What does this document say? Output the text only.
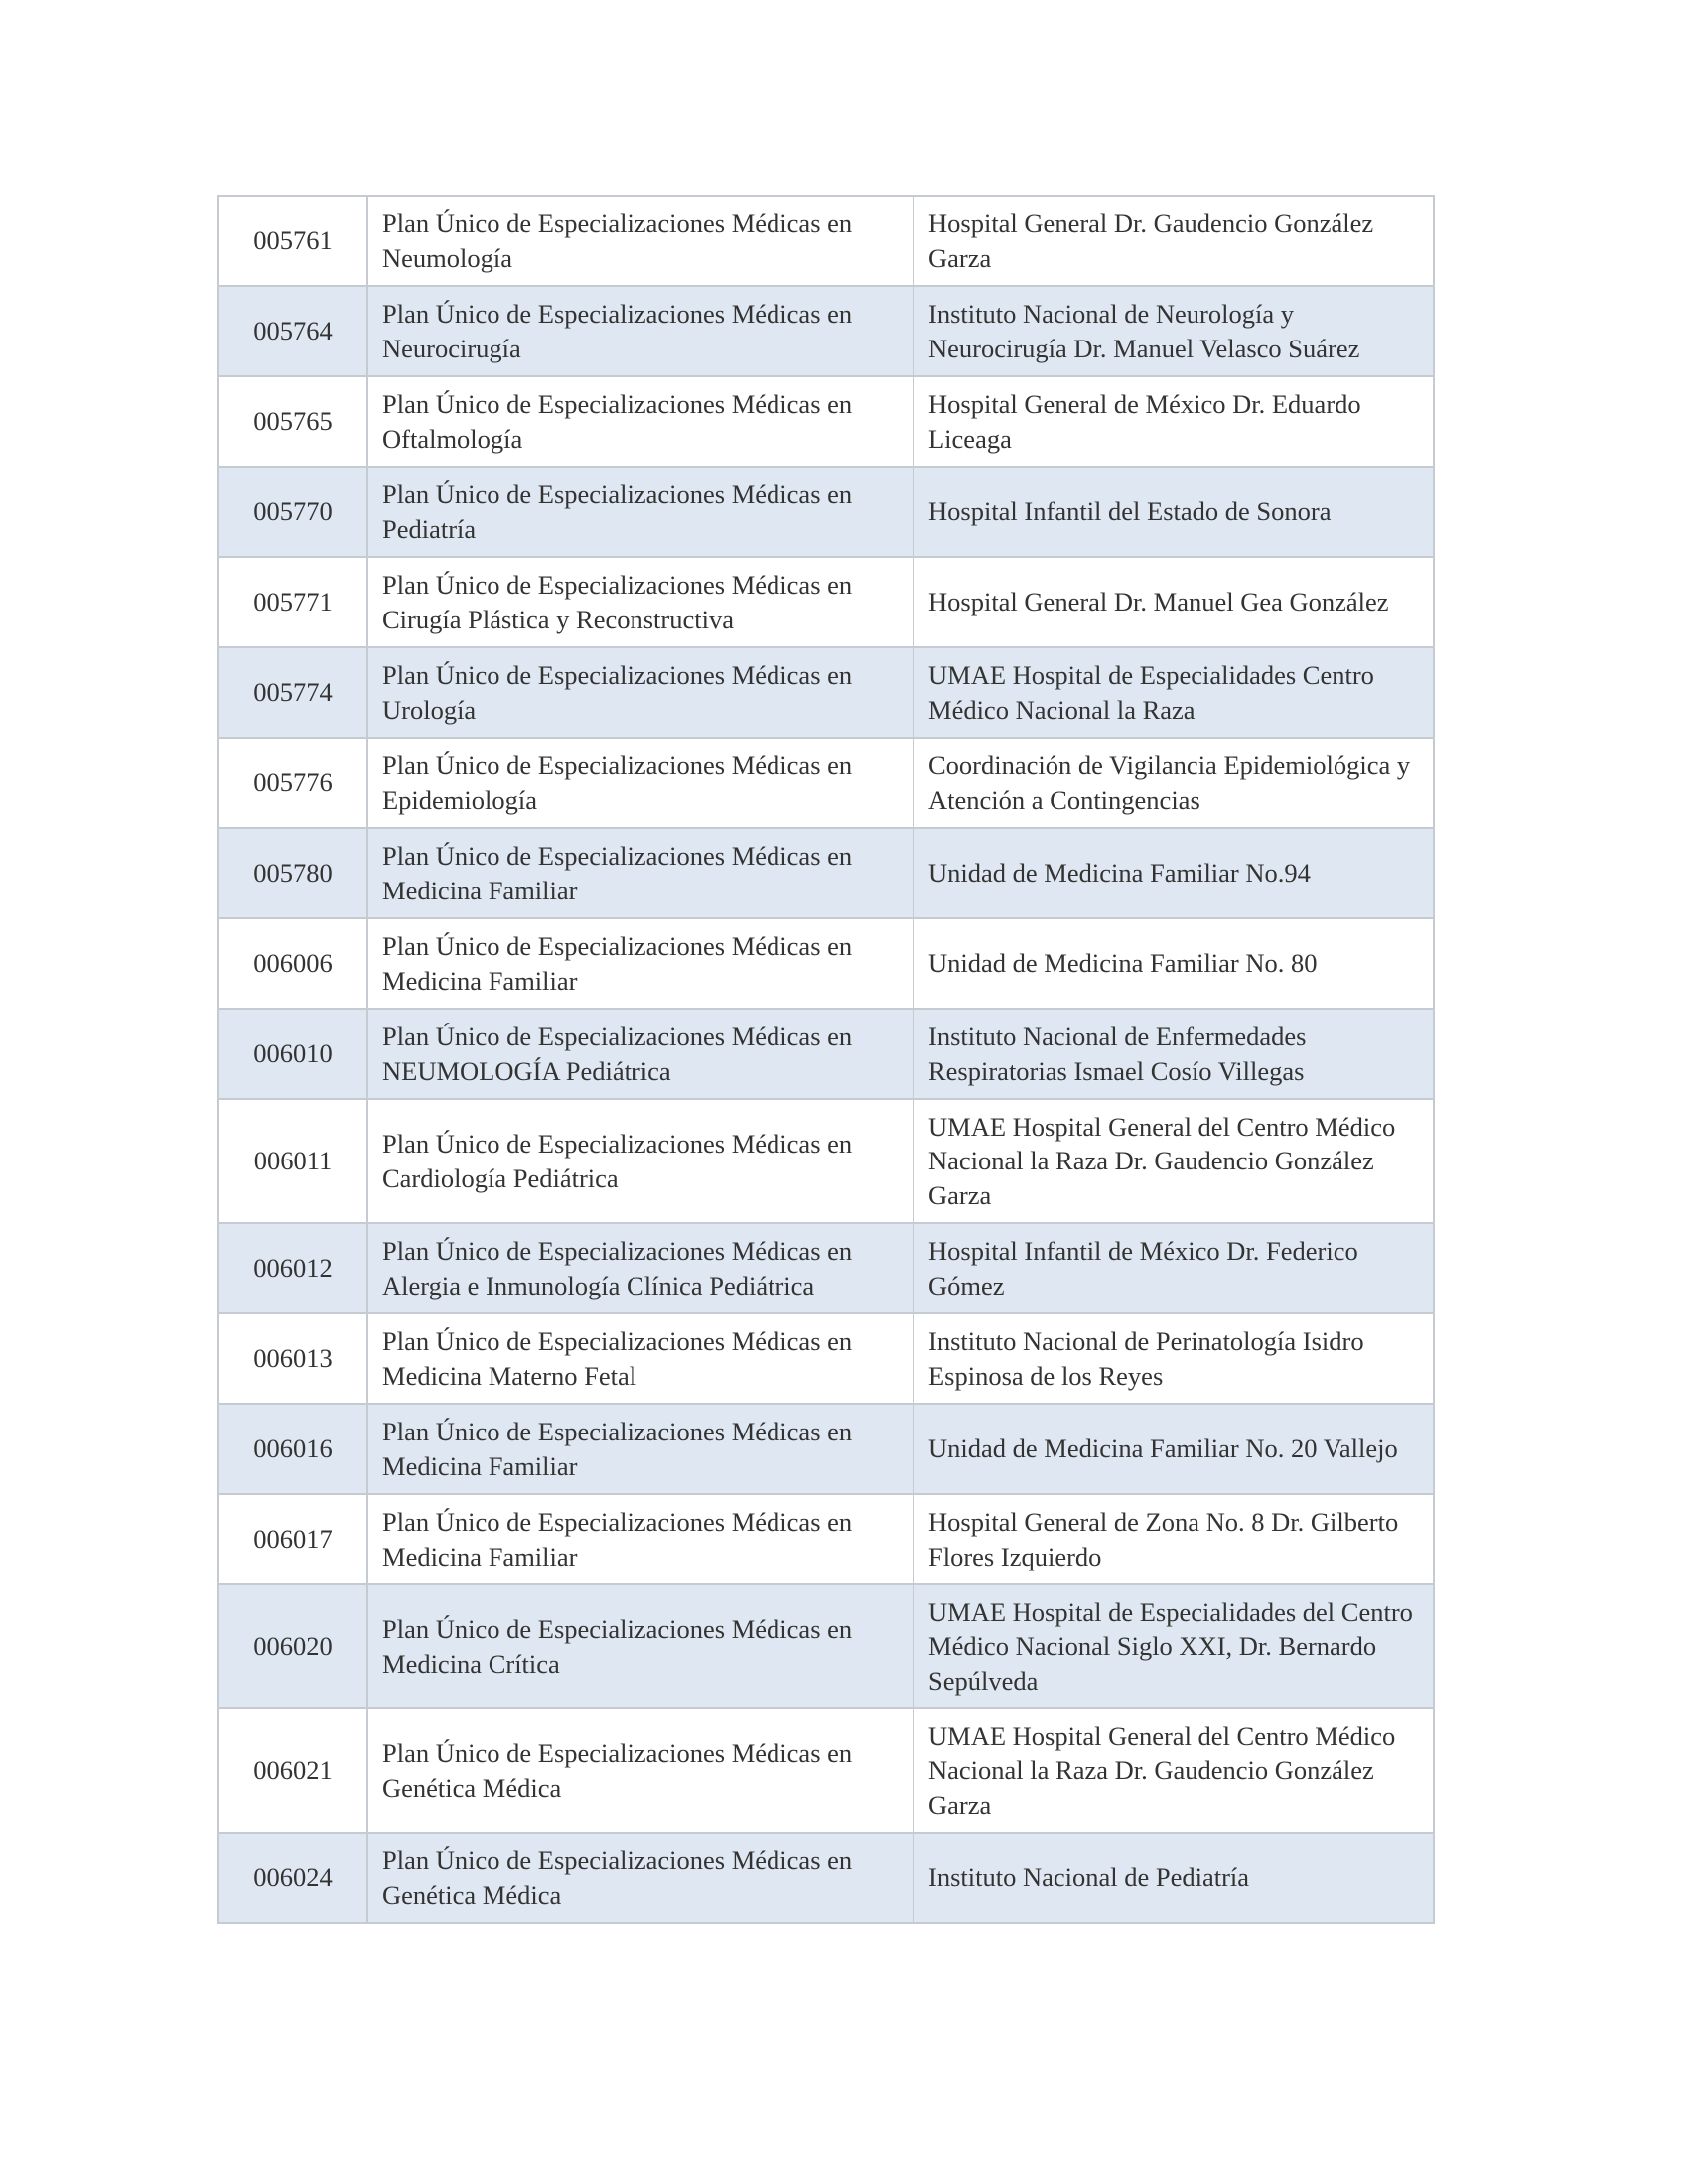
005761	Plan Único de Especializaciones Médicas en Neumología	Hospital General Dr. Gaudencio González Garza
005764	Plan Único de Especializaciones Médicas en Neurocirugía	Instituto Nacional de Neurología y Neurocirugía Dr. Manuel Velasco Suárez
005765	Plan Único de Especializaciones Médicas en Oftalmología	Hospital General de México Dr. Eduardo Liceaga
005770	Plan Único de Especializaciones Médicas en Pediatría	Hospital Infantil del Estado de Sonora
005771	Plan Único de Especializaciones Médicas en Cirugía Plástica y Reconstructiva	Hospital General Dr. Manuel Gea González
005774	Plan Único de Especializaciones Médicas en Urología	UMAE Hospital de Especialidades Centro Médico Nacional la Raza
005776	Plan Único de Especializaciones Médicas en Epidemiología	Coordinación de Vigilancia Epidemiológica y Atención a Contingencias
005780	Plan Único de Especializaciones Médicas en Medicina Familiar	Unidad de Medicina Familiar No.94
006006	Plan Único de Especializaciones Médicas en Medicina Familiar	Unidad de Medicina Familiar No. 80
006010	Plan Único de Especializaciones Médicas en NEUMOLOGÍA Pediátrica	Instituto Nacional de Enfermedades Respiratorias Ismael Cosío Villegas
006011	Plan Único de Especializaciones Médicas en Cardiología Pediátrica	UMAE Hospital General del Centro Médico Nacional la Raza Dr. Gaudencio González Garza
006012	Plan Único de Especializaciones Médicas en Alergia e Inmunología Clínica Pediátrica	Hospital Infantil de México Dr. Federico Gómez
006013	Plan Único de Especializaciones Médicas en Medicina Materno Fetal	Instituto Nacional de Perinatología Isidro Espinosa de los Reyes
006016	Plan Único de Especializaciones Médicas en Medicina Familiar	Unidad de Medicina Familiar No. 20 Vallejo
006017	Plan Único de Especializaciones Médicas en Medicina Familiar	Hospital General de Zona No. 8 Dr. Gilberto Flores Izquierdo
006020	Plan Único de Especializaciones Médicas en Medicina Crítica	UMAE Hospital de Especialidades del Centro Médico Nacional Siglo XXI, Dr. Bernardo Sepúlveda
006021	Plan Único de Especializaciones Médicas en Genética Médica	UMAE Hospital General del Centro Médico Nacional la Raza Dr. Gaudencio González Garza
006024	Plan Único de Especializaciones Médicas en Genética Médica	Instituto Nacional de Pediatría
